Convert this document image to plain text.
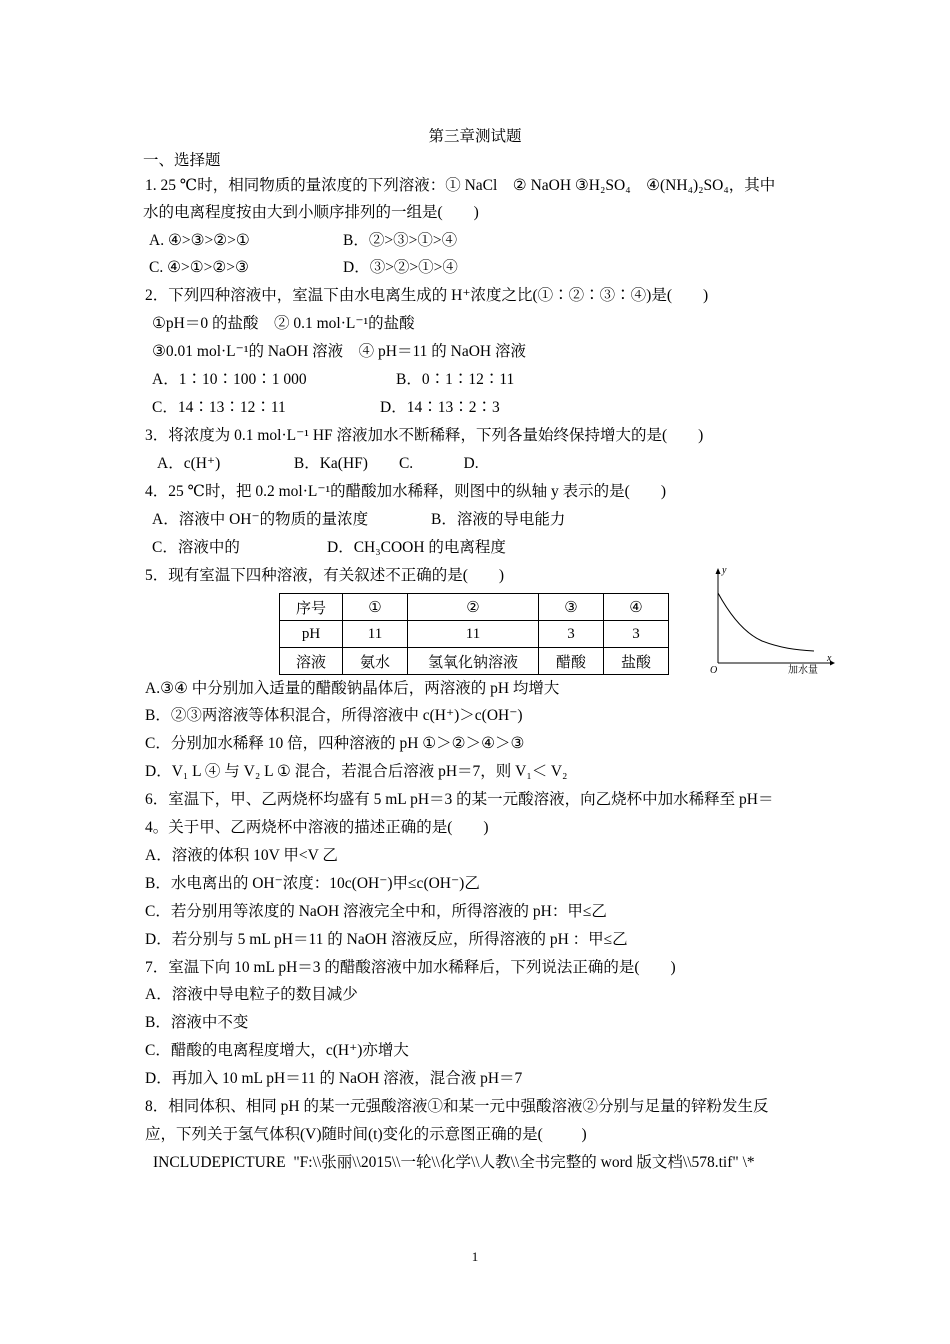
第三章测试题
一、选择题
1. 25 ℃时，相同物质的量浓度的下列溶液：① NaCl    ② NaOH ③H₂SO₄    ④(NH₄)₂SO₄，其中
水的电离程度按由大到小顺序排列的一组是(        )
A. ④>③>②>①	B．②>③>①>④
C. ④>①>②>③	D．③>②>①>④
2．下列四种溶液中，室温下由水电离生成的 H⁺浓度之比(①∶②∶③∶④)是(        )
①pH＝0 的盐酸    ② 0.1 mol·L⁻¹的盐酸
③0.01 mol·L⁻¹的 NaOH 溶液    ④ pH＝11 的 NaOH 溶液
A．1∶10∶100∶1 000	B．0∶1∶12∶11
C．14∶13∶12∶11	D．14∶13∶2∶3
3．将浓度为 0.1 mol·L⁻¹ HF 溶液加水不断稀释，下列各量始终保持增大的是(        )
A．c(H⁺)                   B．Ka(HF)        C.             D.
4．25 ℃时，把 0.2 mol·L⁻¹的醋酸加水稀释，则图中的纵轴 y 表示的是(        )
A．溶液中 OH⁻的物质的量浓度	B．溶液的导电能力
C．溶液中的	D．CH₃COOH 的电离程度
5．现有室温下四种溶液，有关叙述不正确的是(        )
序号	①	②	③	④
pH	11	11	3	3
溶液	氨水	氢氧化钠溶液	醋酸	盐酸
y
x
O	加水量
A.③④ 中分别加入适量的醋酸钠晶体后，两溶液的 pH 均增大
B．②③两溶液等体积混合，所得溶液中 c(H⁺)＞c(OH⁻)
C．分别加水稀释 10 倍，四种溶液的 pH ①＞②＞④＞③
D．V₁ L ④ 与 V₂ L ① 混合，若混合后溶液 pH＝7，则 V₁＜ V₂
6．室温下，甲、乙两烧杯均盛有 5 mL pH＝3 的某一元酸溶液，向乙烧杯中加水稀释至 pH＝
4。关于甲、乙两烧杯中溶液的描述正确的是(        )
A．溶液的体积 10V 甲<V 乙
B．水电离出的 OH⁻浓度：10c(OH⁻)甲≤c(OH⁻)乙
C．若分别用等浓度的 NaOH 溶液完全中和，所得溶液的 pH：甲≤乙
D．若分别与 5 mL pH＝11 的 NaOH 溶液反应，所得溶液的 pH ：甲≤乙
7．室温下向 10 mL pH＝3 的醋酸溶液中加水稀释后，下列说法正确的是(        )
A．溶液中导电粒子的数目减少
B．溶液中不变
C．醋酸的电离程度增大，c(H⁺)亦增大
D．再加入 10 mL pH＝11 的 NaOH 溶液，混合液 pH＝7
8．相同体积、相同 pH 的某一元强酸溶液①和某一元中强酸溶液②分别与足量的锌粉发生反
应，下列关于氢气体积(V)随时间(t)变化的示意图正确的是(          )
INCLUDEPICTURE  "F:\\张丽\\2015\\一轮\\化学\\人教\\全书完整的 word 版文档\\578.tif" \*
1
